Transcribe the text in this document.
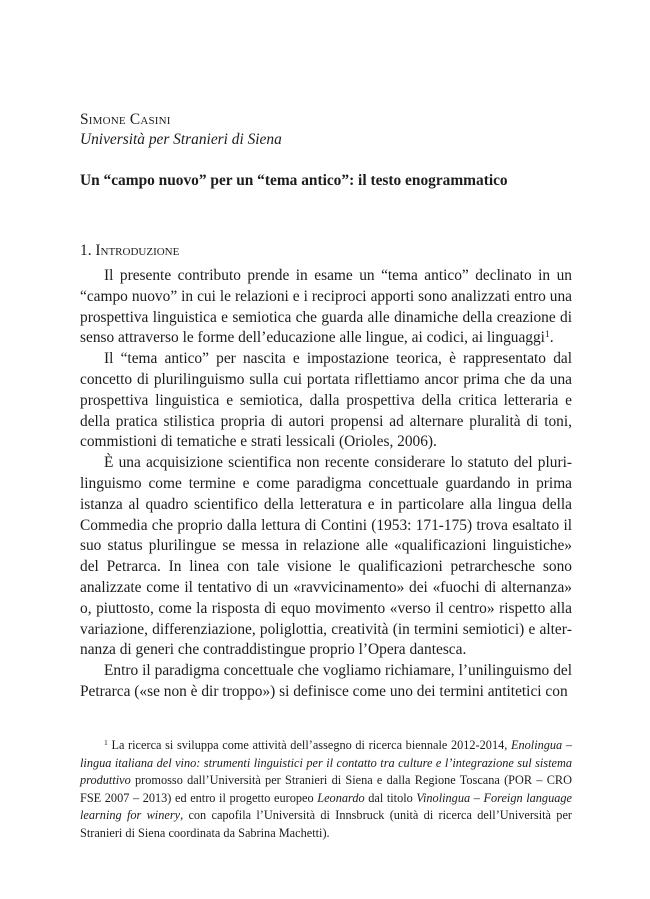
Simone Casini
Università per Stranieri di Siena
Un “campo nuovo” per un “tema antico”: il testo enogrammatico
1. Introduzione

Il presente contributo prende in esame un “tema antico” declinato in un “campo nuovo” in cui le relazioni e i reciproci apporti sono analizzati entro una prospettiva linguistica e semiotica che guarda alle dinamiche della creazione di senso attraverso le forme dell’educazione alle lingue, ai codici, ai linguaggi$^1$.

Il “tema antico” per nascita e impostazione teorica, è rappresentato dal concetto di plurilinguismo sulla cui portata riflettiamo ancor prima che da una prospettiva linguistica e semiotica, dalla prospettiva della critica letteraria e della pratica stilistica propria di autori propensi ad alternare pluralità di toni, commistioni di tematiche e strati lessicali (Orioles, 2006).

È una acquisizione scientifica non recente considerare lo statuto del plurilinguismo come termine e come paradigma concettuale guardando in prima istanza al quadro scientifico della letteratura e in particolare alla lingua della Commedia che proprio dalla lettura di Contini (1953: 171-175) trova esaltato il suo status plurilingue se messa in relazione alle «qualificazioni linguistiche» del Petrarca. In linea con tale visione le qualificazioni petrarchesche sono analizzate come il tentativo di un «ravvicinamento» dei «fuochi di alternanza» o, piuttosto, come la risposta di equo movimento «verso il centro» rispetto alla variazione, differenziazione, poliglottia, creatività (in termini semiotici) e alternanza di generi che contraddistingue proprio l’Opera dantesca.

Entro il paradigma concettuale che vogliamo richiamare, l’unilinguismo del Petrarca («se non è dir troppo») si definisce come uno dei termini antitetici con

$^1$ La ricerca si sviluppa come attività dell’assegno di ricerca biennale 2012-2014, Enolingua – lingua italiana del vino: strumenti linguistici per il contatto tra culture e l’integrazione sul sistema produttivo promosso dall’Università per Stranieri di Siena e dalla Regione Toscana (POR – CRO FSE 2007 – 2013) ed entro il progetto europeo Leonardo dal titolo Vinolingua – Foreign language learning for winery, con capofila l’Università di Innsbruck (unità di ricerca dell’Università per Stranieri di Siena coordinata da Sabrina Machetti).
